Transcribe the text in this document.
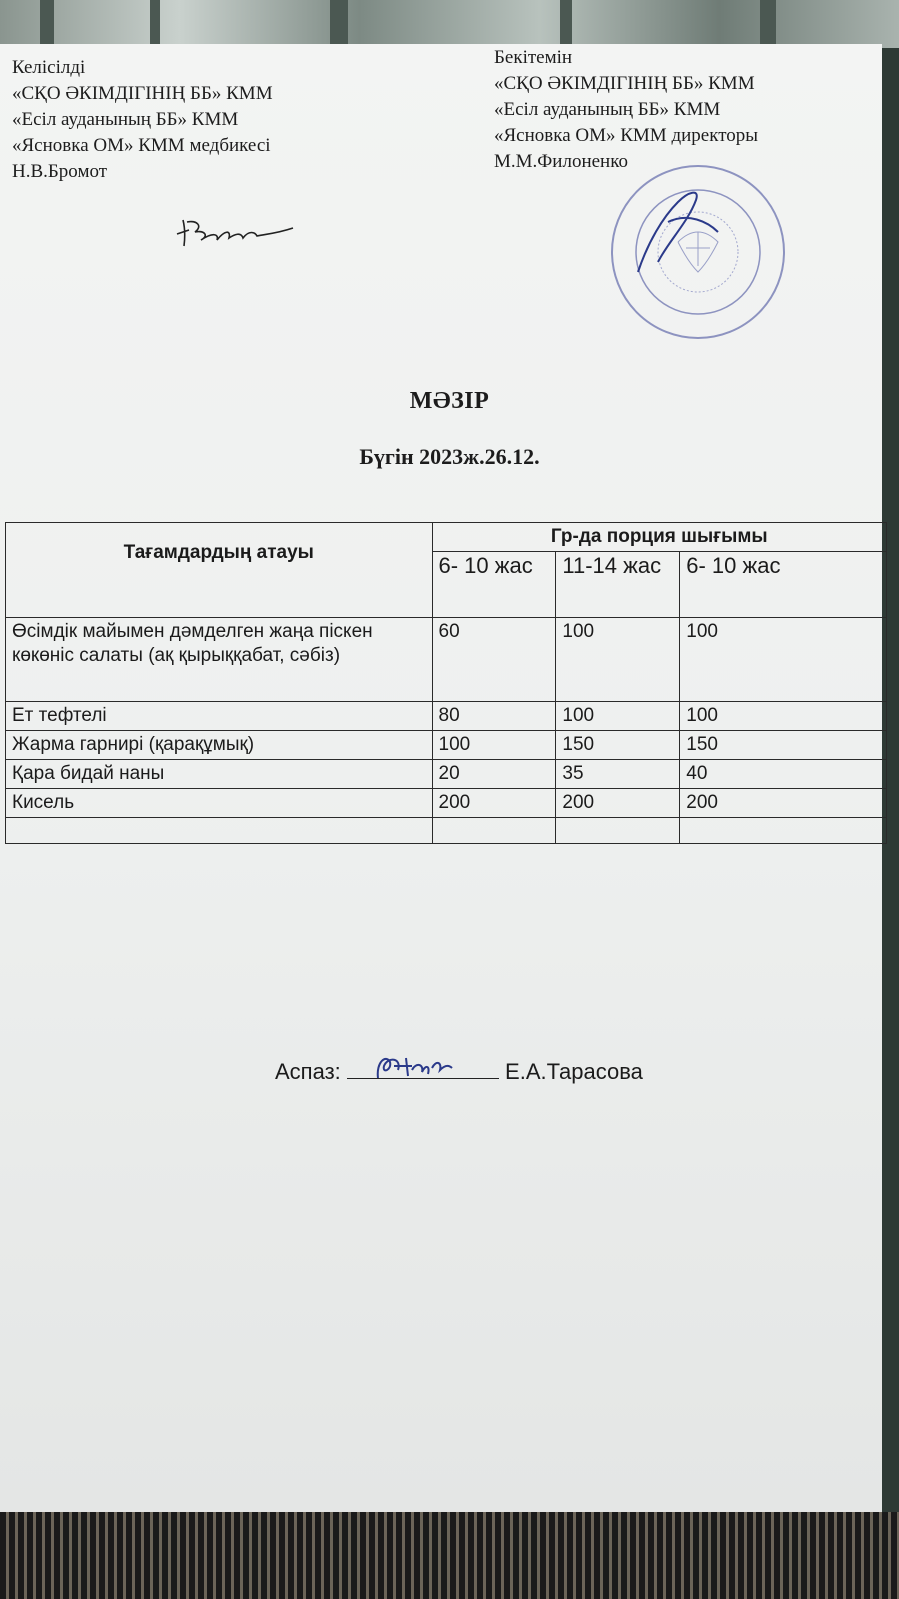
Келісілді
«СҚО ӘКІМДІГІНІҢ ББ» КММ
«Есіл ауданының ББ» КММ
«Ясновка ОМ» КММ медбикесі
Н.В.Бромот
Бекітемін
«СҚО ӘКІМДІГІНІҢ ББ» КММ
«Есіл ауданының ББ» КММ
«Ясновка ОМ» КММ директоры
М.М.Филоненко
МӘЗІР
Бүгін 2023ж.26.12.
Тағамдардың атауы	Гр-да порция шығымы		
	6- 10 жас	11-14 жас	6- 10 жас
Өсімдік майымен дәмделген жаңа піскен көкөніс салаты (ақ қырыққабат, сәбіз)	60	100	100
Ет тефтелі	80	100	100
Жарма гарнирі (қарақұмық)	100	150	150
Қара бидай наны	20	35	40
Кисель	200	200	200

Аспаз:	Е.А.Тарасова
